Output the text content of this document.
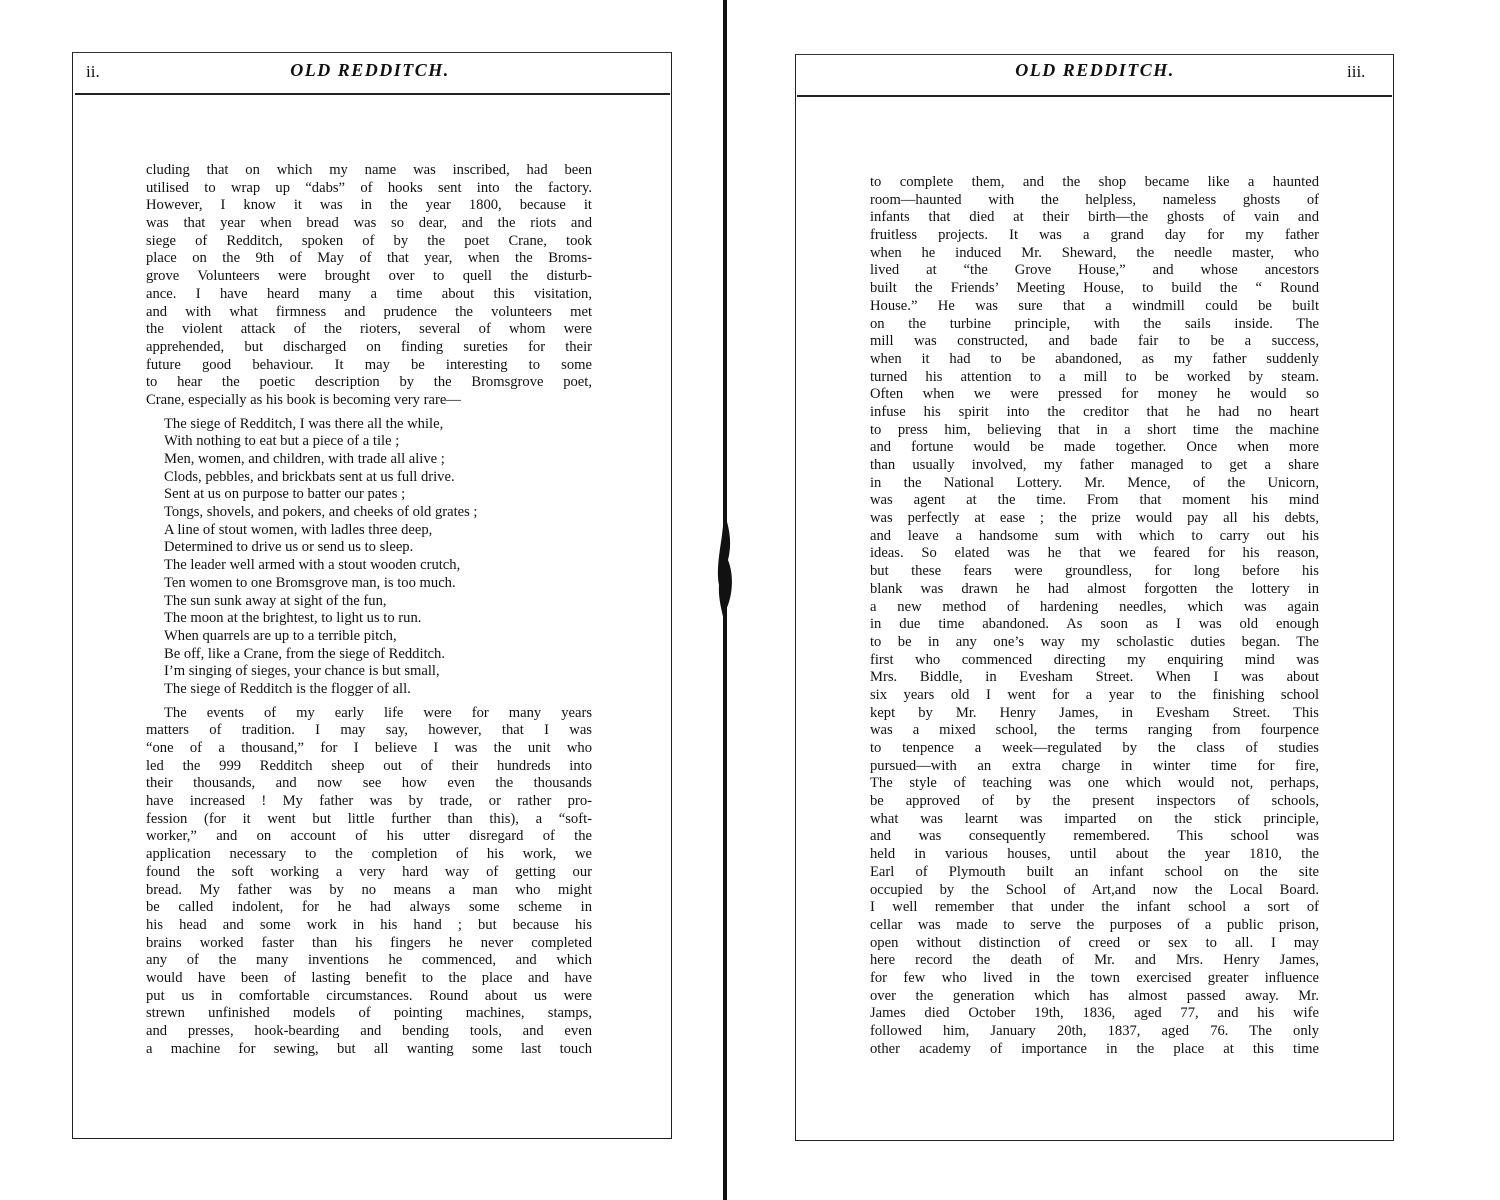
ii.	OLD REDDITCH.
cluding that on which my name was inscribed, had been
utilised to wrap up “dabs” of hooks sent into the factory.
However, I know it was in the year 1800, because it
was that year when bread was so dear, and the riots and
siege of Redditch, spoken of by the poet Crane, took
place on the 9th of May of that year, when the Broms-
grove Volunteers were brought over to quell the disturb-
ance. I have heard many a time about this visitation,
and with what firmness and prudence the volunteers met
the violent attack of the rioters, several of whom were
apprehended, but discharged on finding sureties for their
future good behaviour. It may be interesting to some
to hear the poetic description by the Bromsgrove poet,
Crane, especially as his book is becoming very rare—
The siege of Redditch, I was there all the while,
With nothing to eat but a piece of a tile ;
Men, women, and children, with trade all alive ;
Clods, pebbles, and brickbats sent at us full drive.
Sent at us on purpose to batter our pates ;
Tongs, shovels, and pokers, and cheeks of old grates ;
A line of stout women, with ladles three deep,
Determined to drive us or send us to sleep.
The leader well armed with a stout wooden crutch,
Ten women to one Bromsgrove man, is too much.
The sun sunk away at sight of the fun,
The moon at the brightest, to light us to run.
When quarrels are up to a terrible pitch,
Be off, like a Crane, from the siege of Redditch.
I’m singing of sieges, your chance is but small,
The siege of Redditch is the flogger of all.
The events of my early life were for many years
matters of tradition. I may say, however, that I was
“one of a thousand,” for I believe I was the unit who
led the 999 Redditch sheep out of their hundreds into
their thousands, and now see how even the thousands
have increased ! My father was by trade, or rather pro-
fession (for it went but little further than this), a “soft-
worker,” and on account of his utter disregard of the
application necessary to the completion of his work, we
found the soft working a very hard way of getting our
bread. My father was by no means a man who might
be called indolent, for he had always some scheme in
his head and some work in his hand ; but because his
brains worked faster than his fingers he never completed
any of the many inventions he commenced, and which
would have been of lasting benefit to the place and have
put us in comfortable circumstances. Round about us were
strewn unfinished models of pointing machines, stamps,
and presses, hook-bearding and bending tools, and even
a machine for sewing, but all wanting some last touch
OLD REDDITCH.	iii.
to complete them, and the shop became like a haunted
room—haunted with the helpless, nameless ghosts of
infants that died at their birth—the ghosts of vain and
fruitless projects. It was a grand day for my father
when he induced Mr. Sheward, the needle master, who
lived at “the Grove House,” and whose ancestors
built the Friends’ Meeting House, to build the “ Round
House.” He was sure that a windmill could be built
on the turbine principle, with the sails inside. The
mill was constructed, and bade fair to be a success,
when it had to be abandoned, as my father suddenly
turned his attention to a mill to be worked by steam.
Often when we were pressed for money he would so
infuse his spirit into the creditor that he had no heart
to press him, believing that in a short time the machine
and fortune would be made together. Once when more
than usually involved, my father managed to get a share
in the National Lottery. Mr. Mence, of the Unicorn,
was agent at the time. From that moment his mind
was perfectly at ease ; the prize would pay all his debts,
and leave a handsome sum with which to carry out his
ideas. So elated was he that we feared for his reason,
but these fears were groundless, for long before his
blank was drawn he had almost forgotten the lottery in
a new method of hardening needles, which was again
in due time abandoned. As soon as I was old enough
to be in any one’s way my scholastic duties began. The
first who commenced directing my enquiring mind was
Mrs. Biddle, in Evesham Street. When I was about
six years old I went for a year to the finishing school
kept by Mr. Henry James, in Evesham Street. This
was a mixed school, the terms ranging from fourpence
to tenpence a week—regulated by the class of studies
pursued—with an extra charge in winter time for fire,
The style of teaching was one which would not, perhaps,
be approved of by the present inspectors of schools,
what was learnt was imparted on the stick principle,
and was consequently remembered. This school was
held in various houses, until about the year 1810, the
Earl of Plymouth built an infant school on the site
occupied by the School of Art,and now the Local Board.
I well remember that under the infant school a sort of
cellar was made to serve the purposes of a public prison,
open without distinction of creed or sex to all. I may
here record the death of Mr. and Mrs. Henry James,
for few who lived in the town exercised greater influence
over the generation which has almost passed away. Mr.
James died October 19th, 1836, aged 77, and his wife
followed him, January 20th, 1837, aged 76. The only
other academy of importance in the place at this time
